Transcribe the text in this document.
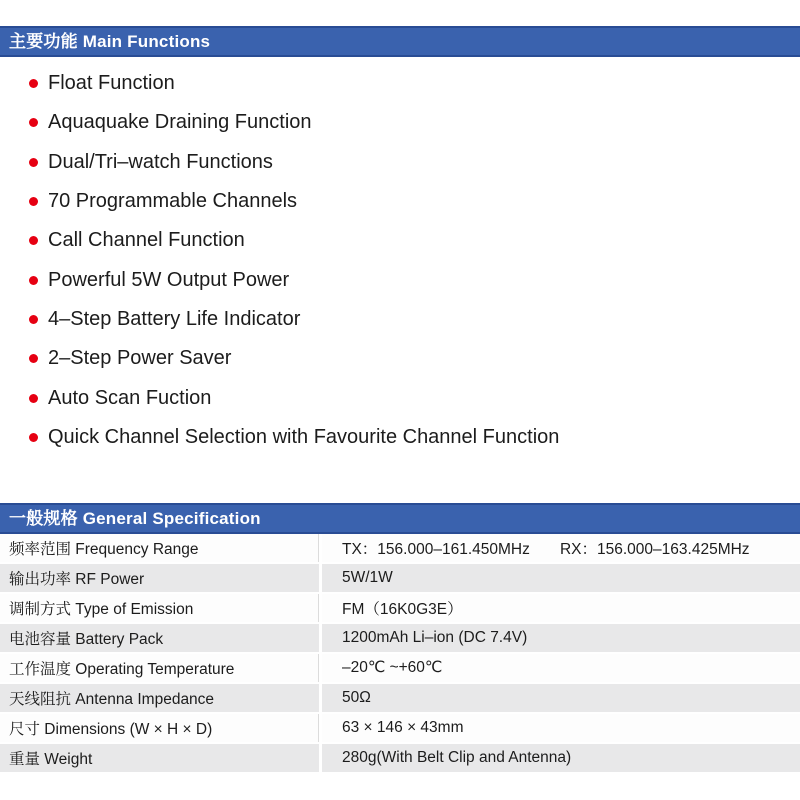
主要功能 Main Functions
Float Function
Aquaquake Draining Function
Dual/Tri–watch Functions
70 Programmable Channels
Call Channel Function
Powerful 5W Output Power
4–Step Battery Life Indicator
2–Step Power Saver
Auto Scan Fuction
Quick Channel Selection with Favourite Channel Function
一般规格 General Specification
频率范围 Frequency Range	TX：156.000–161.450MHz       RX：156.000–163.425MHz
输出功率 RF Power	5W/1W
调制方式 Type of Emission	FM（16K0G3E）
电池容量 Battery Pack	1200mAh Li–ion (DC 7.4V)
工作温度 Operating Temperature	–20℃ ~+60℃
天线阻抗 Antenna Impedance	50Ω
尺寸 Dimensions (W × H × D)	63 × 146 × 43mm
重量 Weight	280g(With Belt Clip and Antenna)
